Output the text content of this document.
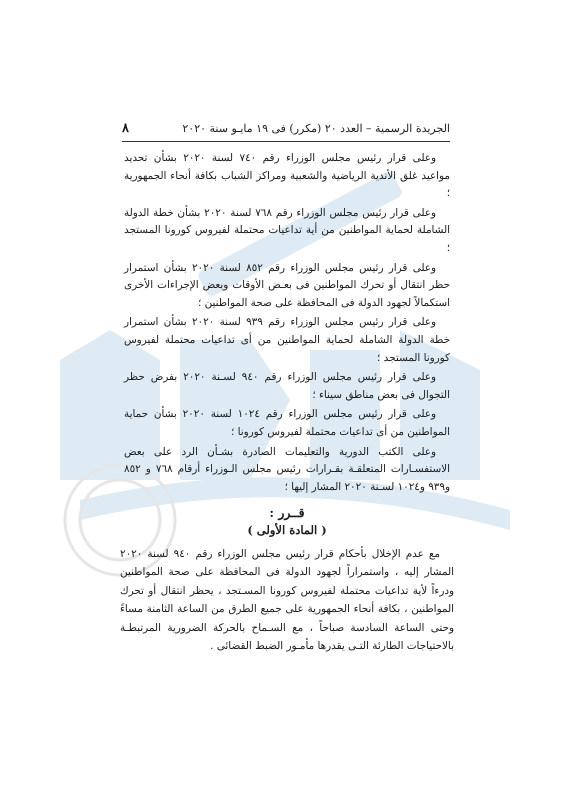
الجريدة الرسمية – العدد ٢٠ (مكرر) فى ١٩ مايـو سنة ٢٠٢٠
٨

وعلى قرار رئيس مجلس الوزراء رقم ٧٤٠ لسنة ٢٠٢٠ بشأن تحديد مواعيد غلق الأندية الرياضية والشعبية ومراكز الشباب بكافة أنحاء الجمهورية ؛

وعلى قرار رئيس مجلس الوزراء رقم ٧٦٨ لسنة ٢٠٢٠ بشأن خطة الدولة الشاملة لحماية المواطنين من أية تداعيات محتملة لفيروس كورونا المستجد ؛

وعلى قرار رئيس مجلس الوزراء رقم ٨٥٢ لسنة ٢٠٢٠ بشأن استمرار حظر انتقال أو تحرك المواطنين فى بعـض الأوقات وبعض الإجراءات الأخرى استكمالاً لجهود الدولة فى المحافظة على صحة المواطنين ؛

وعلى قرار رئيس مجلس الوزراء رقم ٩٣٩ لسنة ٢٠٢٠ بشأن استمرار خطة الدولة الشاملة لحماية المواطنين من أى تداعيات محتملة لفيروس كورونا المستجد ؛

وعلى قرار رئيس مجلس الوزراء رقم ٩٤٠ لسـنة ٢٠٢٠ بفرض حظر التجوال فى بعض مناطق سيناء ؛

وعلى قرار رئيس مجلس الوزراء رقم ١٠٢٤ لسنة ٢٠٢٠ بشأن حماية المواطنين من أى تداعيات محتملة لفيروس كورونا ؛

وعلى الكتب الدورية والتعليمات الصادرة بشـأن الرد على بعض الاستفسـارات المتعلقـة بقـرارات رئيس مجلس الـوزراء أرقام ٧٦٨ و ٨٥٢ و٩٣٩ و١٠٢٤ لسـنة ٢٠٢٠ المشار إليها ؛

قــرر :
( المادة الأولى )

مع عدم الإخلال بأحكام قرار رئيس مجلس الوزراء رقم ٩٤٠ لسنة ٢٠٢٠ المشار إليه ، واستمراراً لجهود الدولة فى المحافظة على صحة المواطنين ودرءاً لأية تداعيات محتملة لفيروس كورونا المسـتجد ، يحظر انتقال أو تحرك المواطنين ، بكافة أنحاء الجمهورية على جميع الطرق من الساعة الثامنة مساءً وحتى الساعة السادسة صباحاً ، مع السـماح بالحركة الضرورية المرتبطـة بالاحتياجات الطارئة التـى يقدرها مأمـور الضبط القضائى .
